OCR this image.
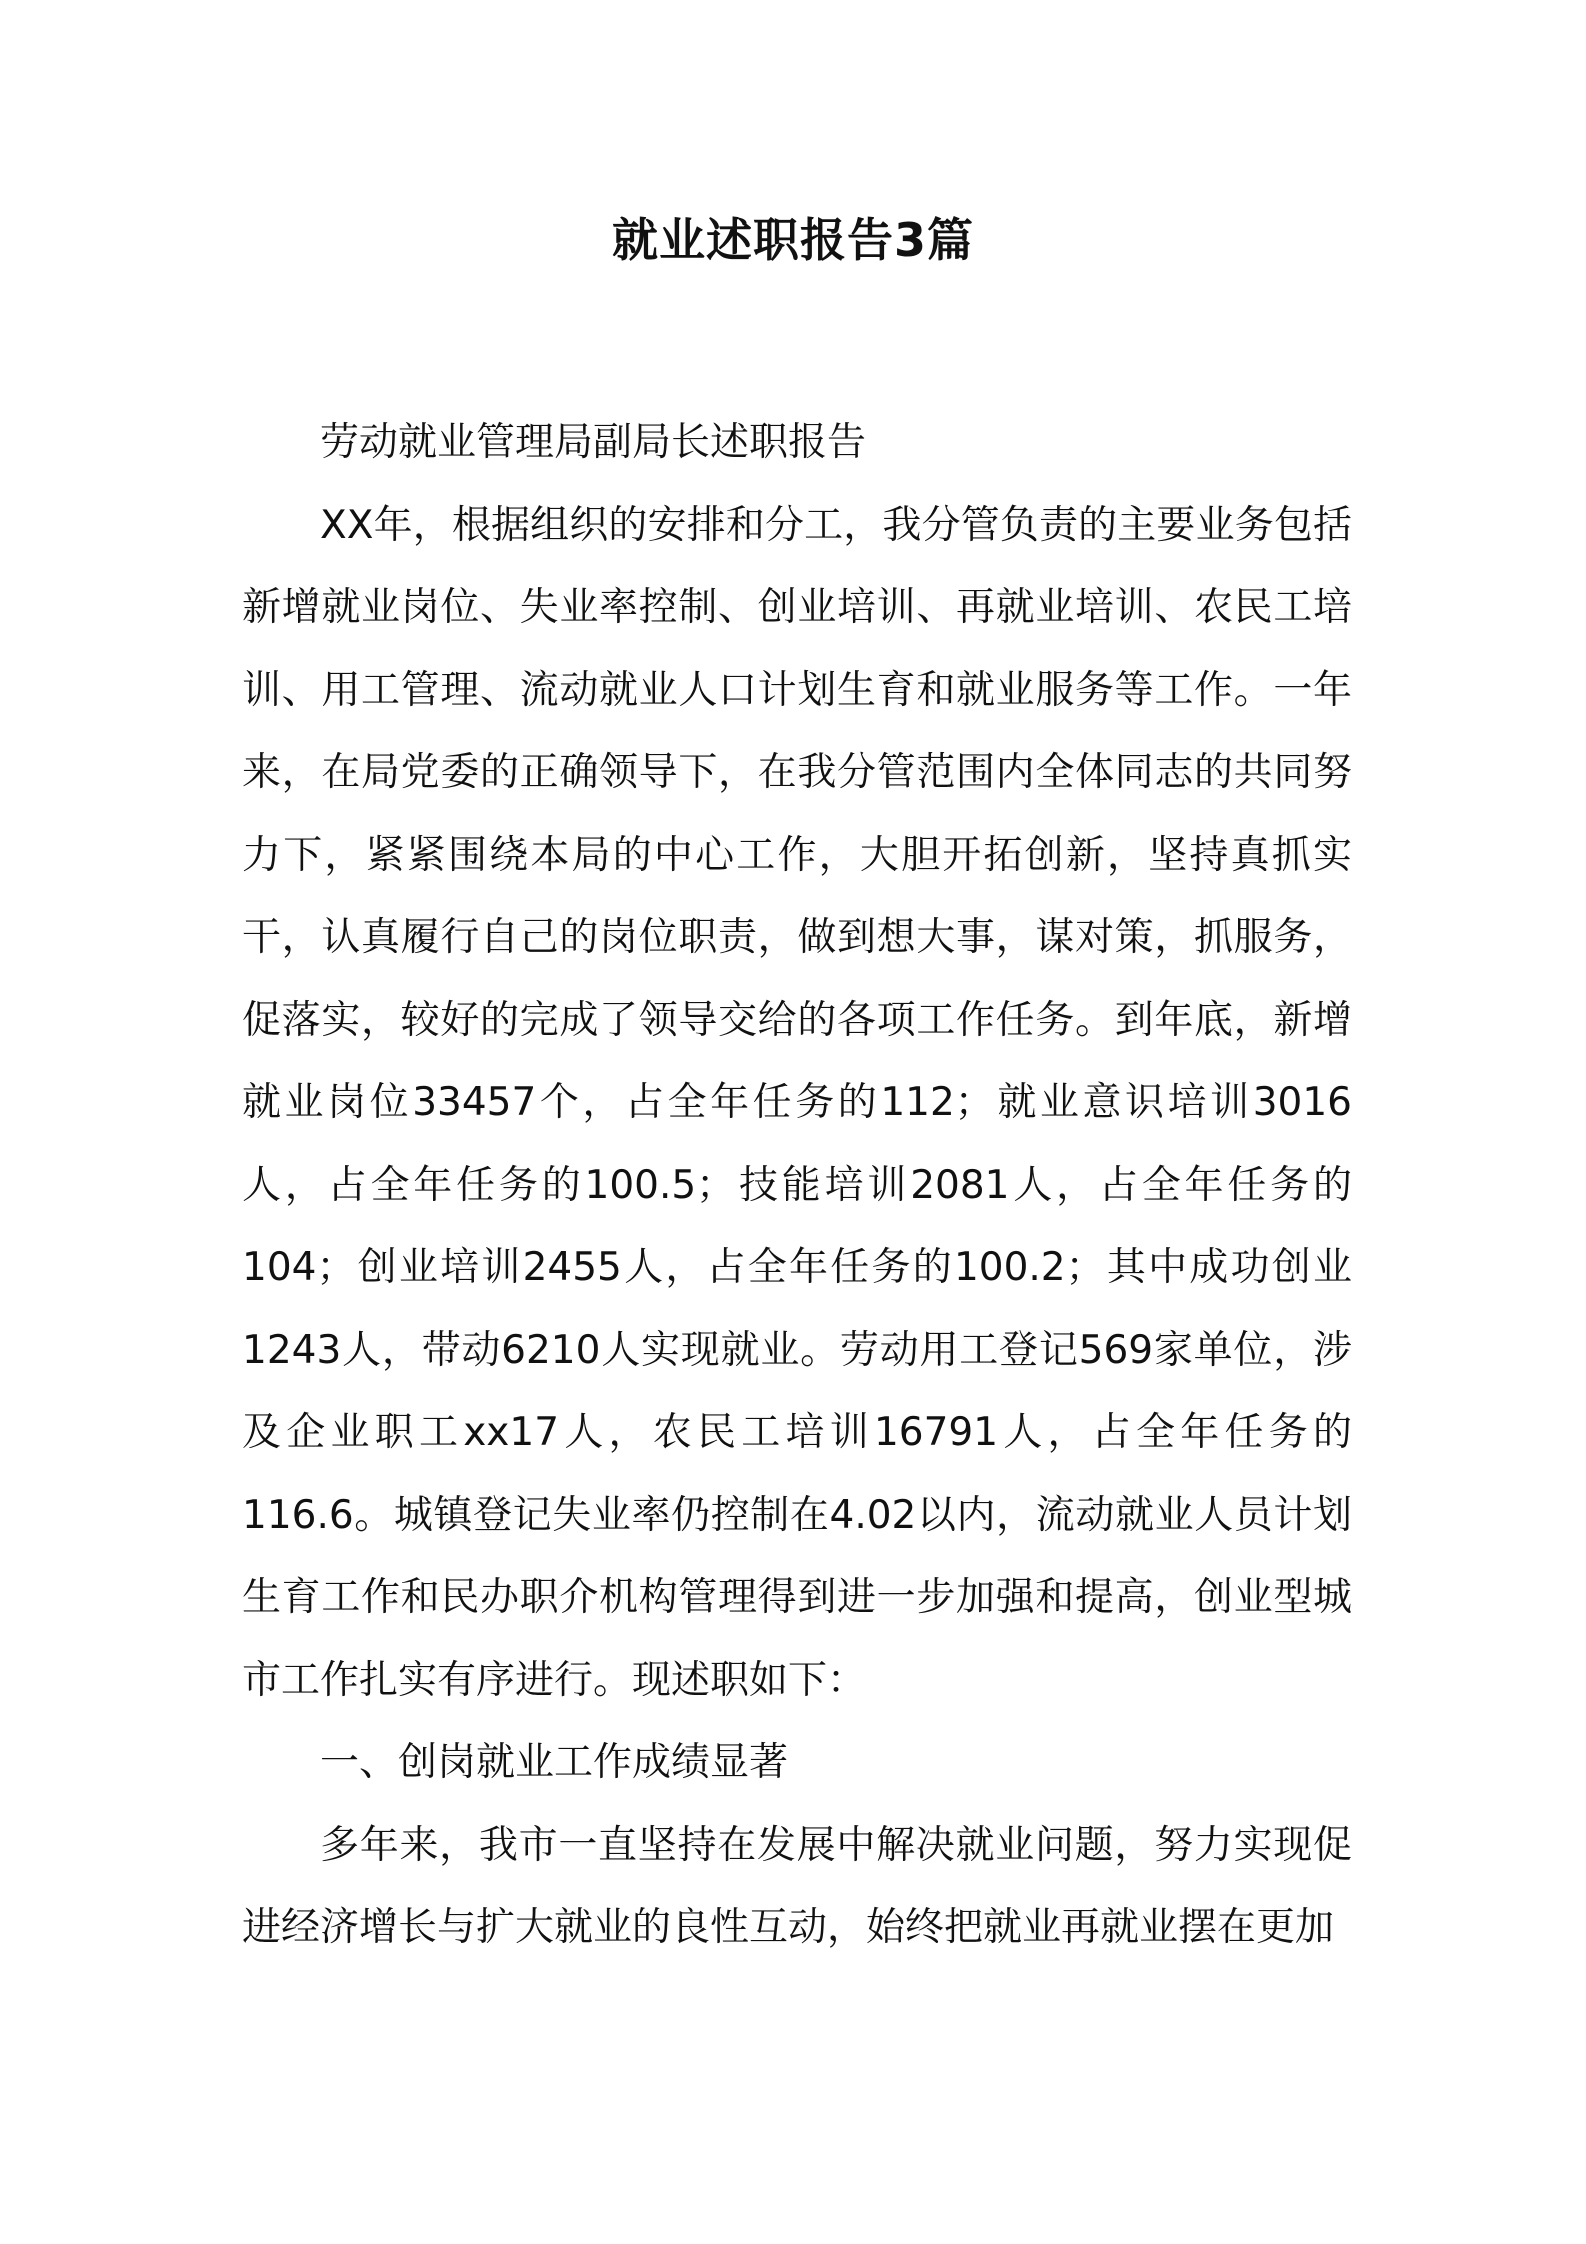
就业述职报告3篇

劳动就业管理局副局长述职报告

XX年，根据组织的安排和分工，我分管负责的主要业务包括新增就业岗位、失业率控制、创业培训、再就业培训、农民工培训、用工管理、流动就业人口计划生育和就业服务等工作。一年来，在局党委的正确领导下，在我分管范围内全体同志的共同努力下，紧紧围绕本局的中心工作，大胆开拓创新，坚持真抓实干，认真履行自己的岗位职责，做到想大事，谋对策，抓服务，促落实，较好的完成了领导交给的各项工作任务。到年底，新增就业岗位33457个，占全年任务的112；就业意识培训3016人，占全年任务的100.5；技能培训2081人，占全年任务的104；创业培训2455人，占全年任务的100.2；其中成功创业1243人，带动6210人实现就业。劳动用工登记569家单位，涉及企业职工xx17人，农民工培训16791人，占全年任务的116.6。城镇登记失业率仍控制在4.02以内，流动就业人员计划生育工作和民办职介机构管理得到进一步加强和提高，创业型城市工作扎实有序进行。现述职如下：

一、创岗就业工作成绩显著

多年来，我市一直坚持在发展中解决就业问题，努力实现促进经济增长与扩大就业的良性互动，始终把就业再就业摆在更加
